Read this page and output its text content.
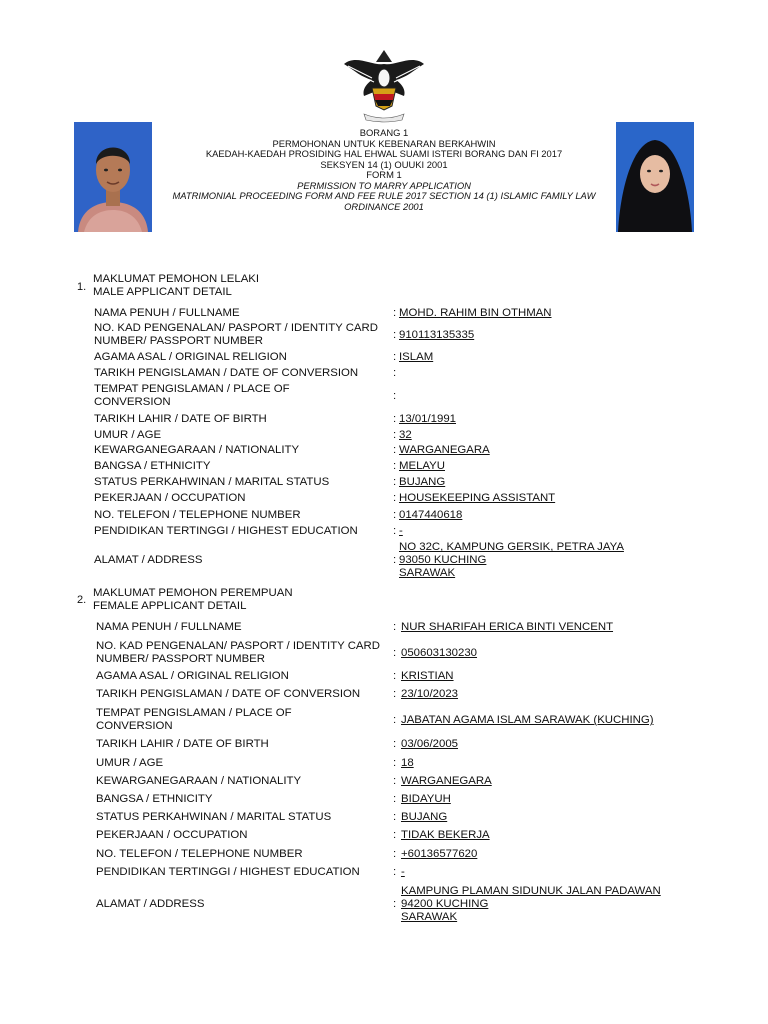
BORANG 1
PERMOHONAN UNTUK KEBENARAN BERKAHWIN
KAEDAH-KAEDAH PROSIDING HAL EHWAL SUAMI ISTERI BORANG DAN FI 2017
SEKSYEN 14 (1) OUUKI 2001
FORM 1
PERMISSION TO MARRY APPLICATION
MATRIMONIAL PROCEEDING FORM AND FEE RULE 2017 SECTION 14 (1) ISLAMIC FAMILY LAW
ORDINANCE 2001
1.
MAKLUMAT PEMOHON LELAKI
MALE APPLICANT DETAIL
NAMA PENUH / FULLNAME	: MOHD. RAHIM BIN OTHMAN
NO. KAD PENGENALAN/ PASPORT / IDENTITY CARD NUMBER/ PASSPORT NUMBER	: 910113135335
AGAMA ASAL / ORIGINAL RELIGION	: ISLAM
TARIKH PENGISLAMAN / DATE OF CONVERSION	:
TEMPAT PENGISLAMAN / PLACE OF CONVERSION	:
TARIKH LAHIR / DATE OF BIRTH	: 13/01/1991
UMUR / AGE	: 32
KEWARGANEGARAAN / NATIONALITY	: WARGANEGARA
BANGSA / ETHNICITY	: MELAYU
STATUS PERKAHWINAN / MARITAL STATUS	: BUJANG
PEKERJAAN / OCCUPATION	: HOUSEKEEPING ASSISTANT
NO. TELEFON / TELEPHONE NUMBER	: 0147440618
PENDIDIKAN TERTINGGI / HIGHEST EDUCATION	: -
ALAMAT / ADDRESS	:
NO 32C, KAMPUNG GERSIK, PETRA JAYA
93050 KUCHING
SARAWAK
2.
MAKLUMAT PEMOHON PEREMPUAN
FEMALE APPLICANT DETAIL
NAMA PENUH / FULLNAME	: NUR SHARIFAH ERICA BINTI VENCENT
NO. KAD PENGENALAN/ PASPORT / IDENTITY CARD NUMBER/ PASSPORT NUMBER	: 050603130230
AGAMA ASAL / ORIGINAL RELIGION	: KRISTIAN
TARIKH PENGISLAMAN / DATE OF CONVERSION	: 23/10/2023
TEMPAT PENGISLAMAN / PLACE OF CONVERSION	: JABATAN AGAMA ISLAM SARAWAK (KUCHING)
TARIKH LAHIR / DATE OF BIRTH	: 03/06/2005
UMUR / AGE	: 18
KEWARGANEGARAAN / NATIONALITY	: WARGANEGARA
BANGSA / ETHNICITY	: BIDAYUH
STATUS PERKAHWINAN / MARITAL STATUS	: BUJANG
PEKERJAAN / OCCUPATION	: TIDAK BEKERJA
NO. TELEFON / TELEPHONE NUMBER	: +60136577620
PENDIDIKAN TERTINGGI / HIGHEST EDUCATION	: -
ALAMAT / ADDRESS	:
KAMPUNG PLAMAN SIDUNUK JALAN PADAWAN
94200 KUCHING
SARAWAK
